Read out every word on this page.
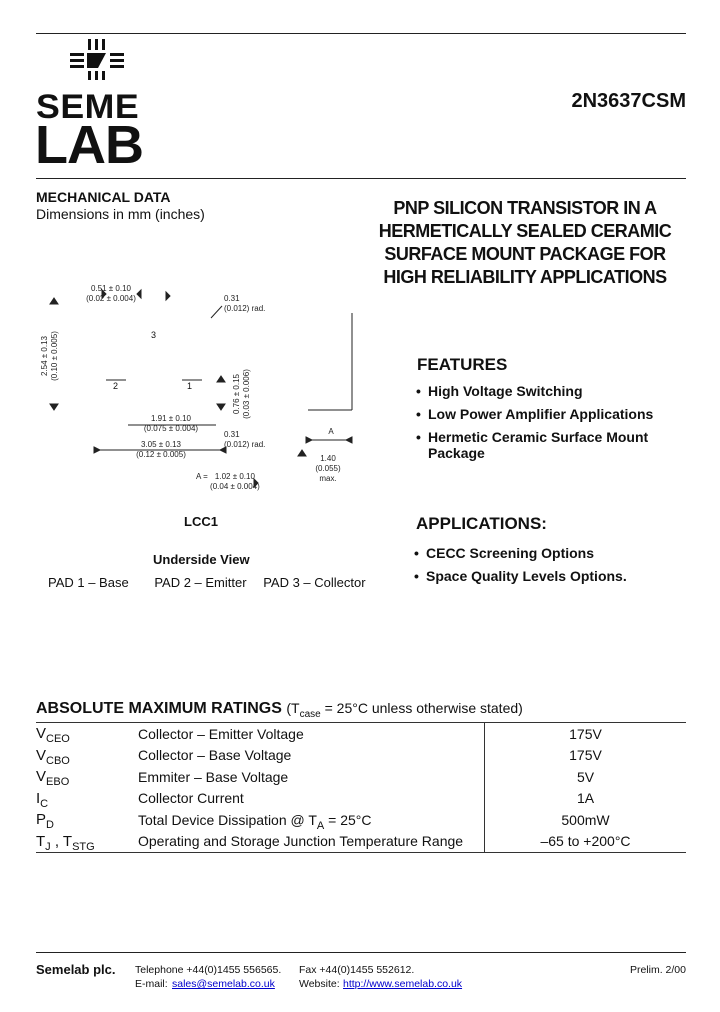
SEME
LAB
2N3637CSM
MECHANICAL DATA
Dimensions in mm (inches)	PNP SILICON TRANSISTOR IN A
HERMETICALLY SEALED CERAMIC
SURFACE MOUNT PACKAGE FOR
HIGH RELIABILITY APPLICATIONS
0.51 ± 0.10
(0.02 ± 0.004)	0.31
(0.012) rad.
2.54 ± 0.13 (0.10 ± 0.005)
0.76 ± 0.15 (0.03 ± 0.006)
3
2	1
1.91 ± 0.10
(0.075 ± 0.004)
0.31
(0.012) rad.
3.05 ± 0.13
(0.12 ± 0.005)
A = 1.02 ± 0.10
(0.04 ± 0.004)
A
1.40
(0.055)
max.
LCC1
Underside View
PAD 1 – Base PAD 2 – Emitter PAD 3 – Collector
FEATURES
• High Voltage Switching
• Low Power Amplifier Applications
• Hermetic Ceramic Surface Mount
Package
APPLICATIONS:
• CECC Screening Options
• Space Quality Levels Options.
ABSOLUTE MAXIMUM RATINGS ($T_{case} = 25^\circ C$ unless otherwise stated)
$V_{CEO}$	Collector – Emitter Voltage	175V
$V_{CBO}$	Collector – Base Voltage	175V
$V_{EBO}$	Emmiter – Base Voltage	5V
$I_C$	Collector Current	1A
$P_D$	Total Device Dissipation @ $T_A = 25^\circ C$	500mW
$T_J$ , $T_{STG}$	Operating and Storage Junction Temperature Range	–65 to +200°C
Semelab plc. Telephone +44(0)1455 556565. Fax +44(0)1455 552612.
E-mail: sales@semelab.co.uk Website: http://www.semelab.co.uk
Prelim. 2/00
